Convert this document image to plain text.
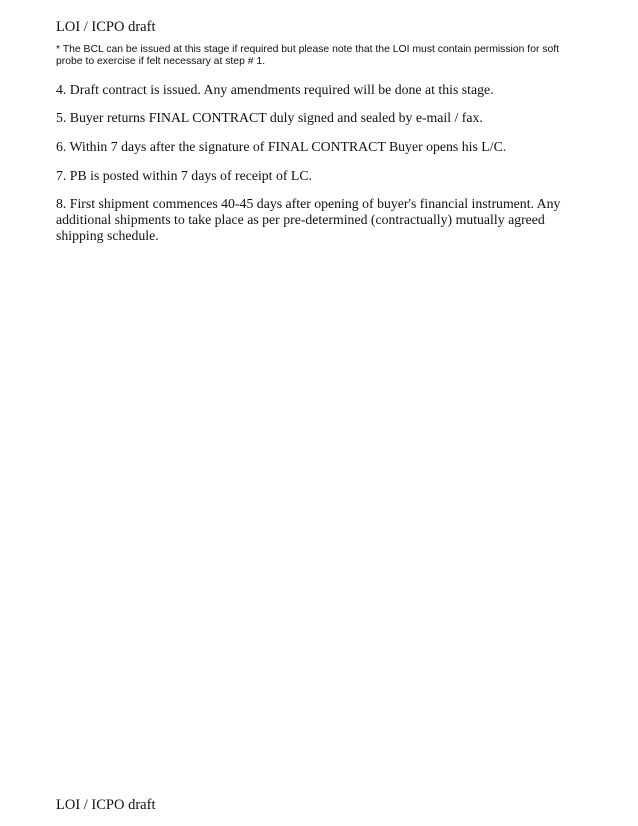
LOI / ICPO draft
* The BCL can be issued at this stage if required but please note that the LOI must contain permission for soft probe to exercise if felt necessary at step # 1.
4. Draft contract is issued. Any amendments required will be done at this stage.
5. Buyer returns FINAL CONTRACT duly signed and sealed by e-mail / fax.
6. Within 7 days after the signature of FINAL CONTRACT Buyer opens his L/C.
7. PB is posted within 7 days of receipt of LC.
8. First shipment commences 40-45 days after opening of buyer's financial instrument. Any additional shipments to take place as per pre-determined (contractually) mutually agreed shipping schedule.
LOI / ICPO draft
